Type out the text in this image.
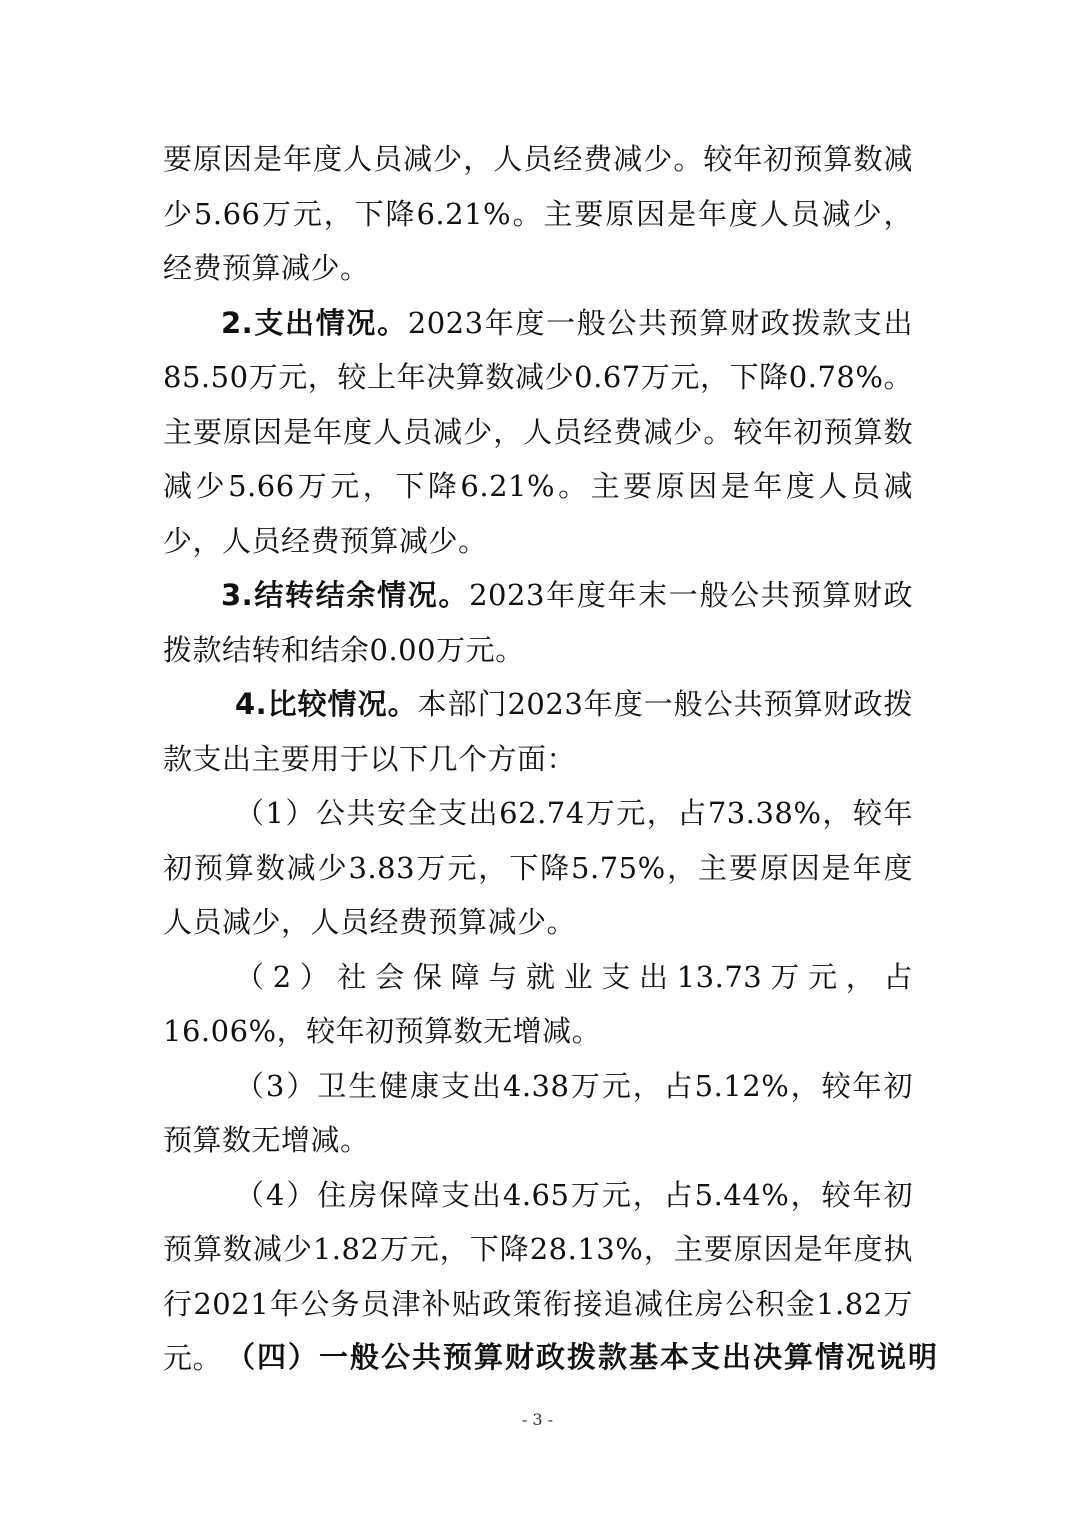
要原因是年度人员减少，人员经费减少。较年初预算数减少5.66万元，下降6.21%。主要原因是年度人员减少，经费预算减少。

2.支出情况。2023年度一般公共预算财政拨款支出85.50万元，较上年决算数减少0.67万元，下降0.78%。主要原因是年度人员减少，人员经费减少。较年初预算数减少5.66万元，下降6.21%。主要原因是年度人员减少，人员经费预算减少。

3.结转结余情况。2023年度年末一般公共预算财政拨款结转和结余0.00万元。

4.比较情况。本部门2023年度一般公共预算财政拨款支出主要用于以下几个方面：

（1）公共安全支出62.74万元，占73.38%，较年初预算数减少3.83万元，下降5.75%，主要原因是年度人员减少，人员经费预算减少。

（2）社会保障与就业支出13.73万元，占16.06%，较年初预算数无增减。

（3）卫生健康支出4.38万元，占5.12%，较年初预算数无增减。

（4）住房保障支出4.65万元，占5.44%，较年初预算数减少1.82万元，下降28.13%，主要原因是年度执行2021年公务员津补贴政策衔接追减住房公积金1.82万元。 （四）一般公共预算财政拨款基本支出决算情况说明
- 3 -
